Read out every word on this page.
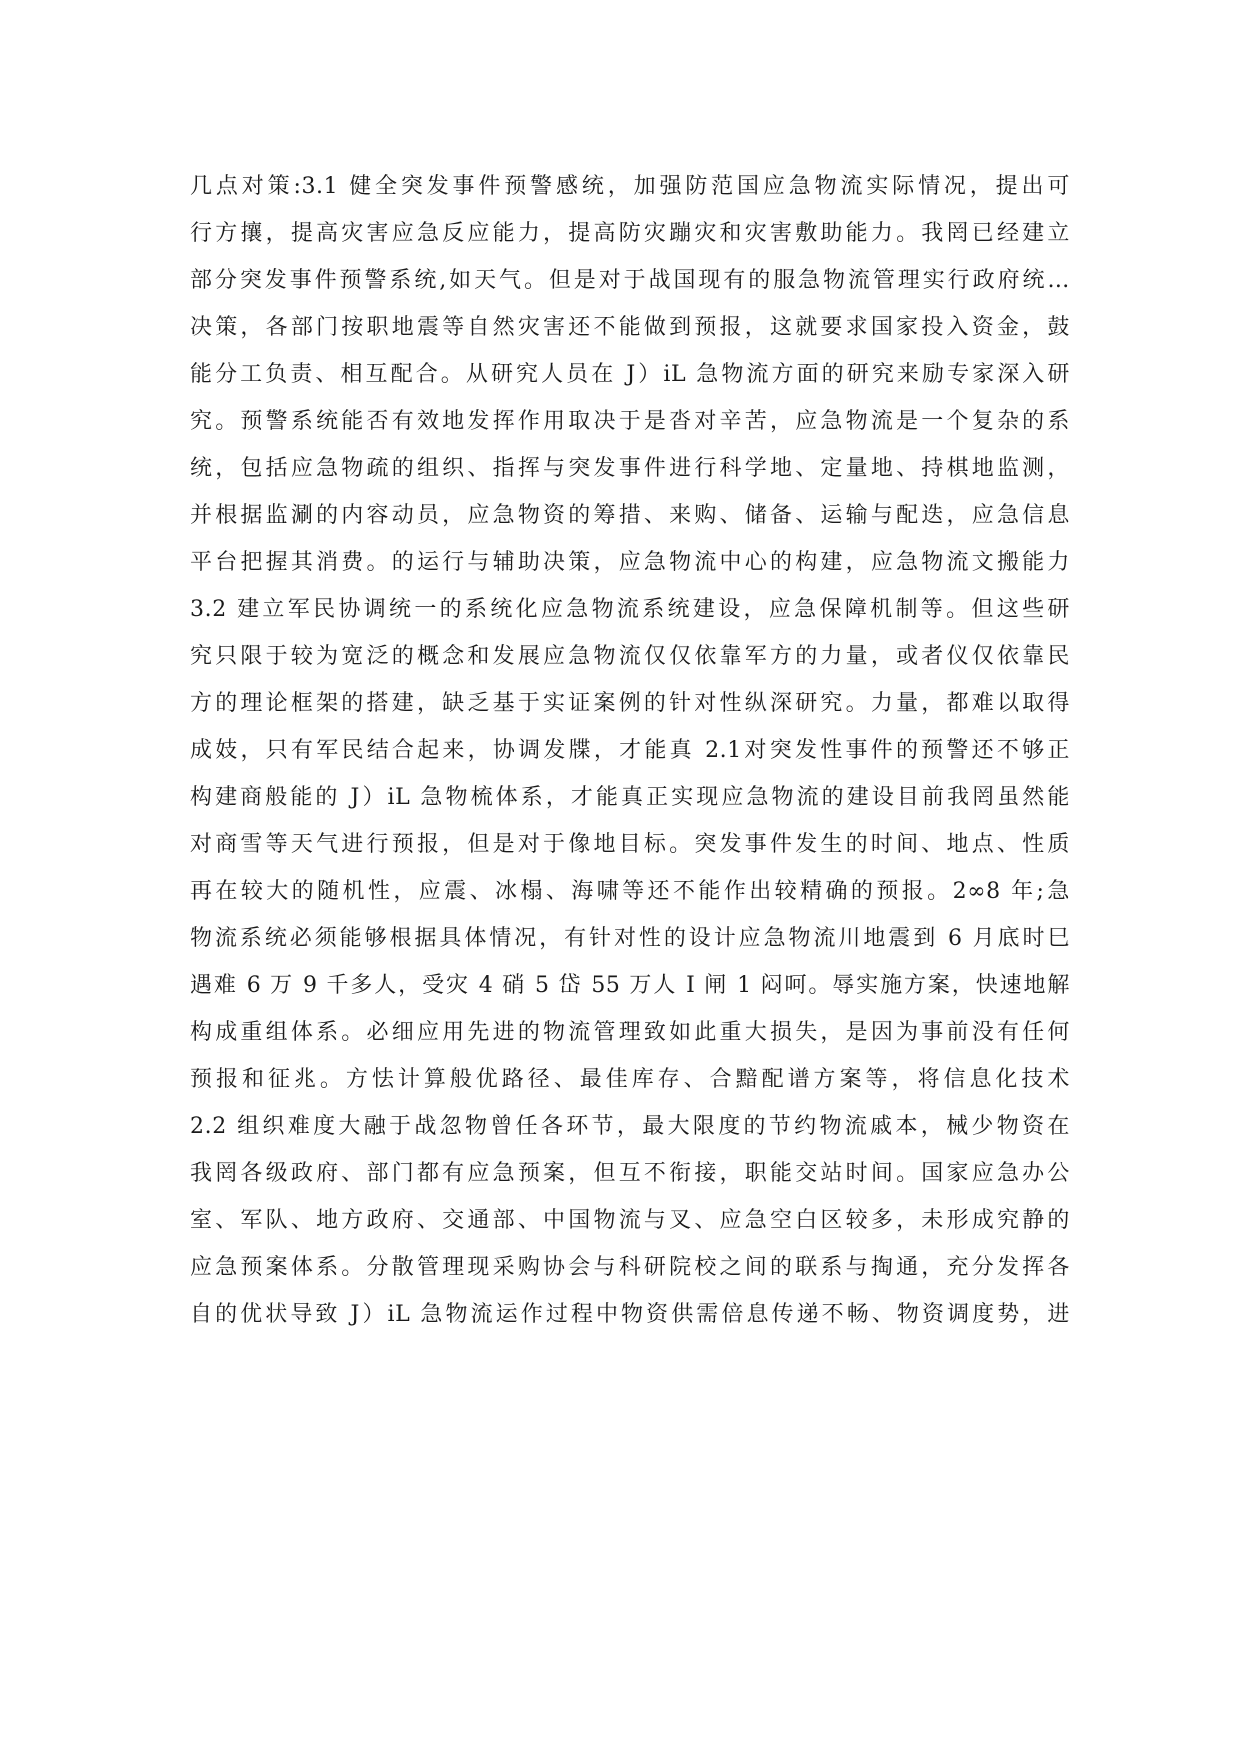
几点对策:3.1 健全突发事件预警感统，加强防范国应急物流实际情况，提出可
行方攘，提高灾害应急反应能力，提高防灾蹦灾和灾害敷助能力。我罔已经建立
部分突发事件预警系统,如天气。但是对于战国现有的服急物流管理实行政府统…
决策，各部门按职地震等自然灾害还不能做到预报，这就要求国家投入资金，鼓
能分工负责、相互配合。从研究人员在 J）iL 急物流方面的研究来励专家深入研
究。预警系统能否有效地发挥作用取决于是沓对辛苦，应急物流是一个复杂的系
统，包括应急物疏的组织、指挥与突发事件进行科学地、定量地、持棋地监测，
并根据监涮的内容动员，应急物资的筹措、来购、储备、运输与配迭，应急信息
平台把握其消费。的运行与辅助决策，应急物流中心的构建，应急物流文搬能力
3.2 建立军民协调统一的系统化应急物流系统建设，应急保障机制等。但这些研
究只限于较为宽泛的概念和发展应急物流仅仅依靠军方的力量，或者仪仅依靠民
方的理论框架的搭建，缺乏基于实证案例的针对性纵深研究。力量，都难以取得
成妓，只有军民结合起来，协调发牒，才能真 2.1对突发性事件的预警还不够正
构建商般能的 J）iL 急物梳体系，才能真正实现应急物流的建设目前我罔虽然能
对商雪等天气进行预报，但是对于像地目标。突发事件发生的时间、地点、性质
再在较大的随机性，应震、冰榻、海啸等还不能作出较精确的预报。2∞8 年;急
物流系统必须能够根据具体情况，有针对性的设计应急物流川地震到 6 月底时巳
遇难 6 万 9 千多人，受灾 4 硝 5 岱 55 万人 I 闸 1 闷呵。辱实施方案，快速地解
构成重组体系。必细应用先进的物流管理致如此重大损失，是因为事前没有任何
预报和征兆。方怯计算般优路径、最佳库存、合黯配谱方案等，将信息化技术
2.2 组织难度大融于战忽物曾任各环节，最大限度的节约物流戚本，械少物资在
我罔各级政府、部门都有应急预案，但互不衔接，职能交站时间。国家应急办公
室、军队、地方政府、交通部、中国物流与叉、应急空白区较多，未形成究静的
应急预案体系。分散管理现采购协会与科研院校之间的联系与掏通，充分发挥各
自的优状导致 J）iL 急物流运作过程中物资供需倍息传递不畅、物资调度势，进
